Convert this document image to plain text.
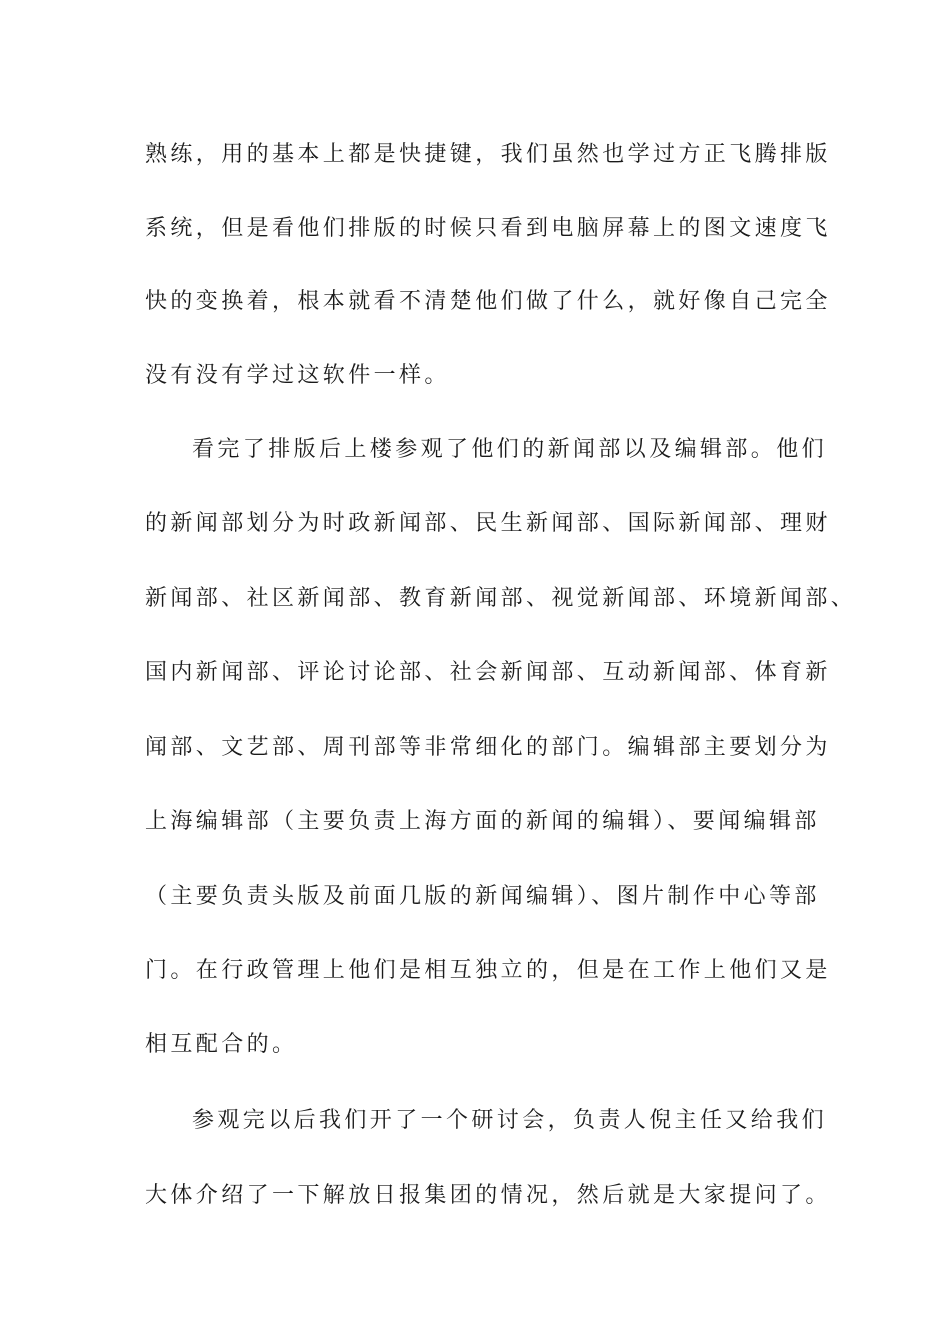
熟练，用的基本上都是快捷键，我们虽然也学过方正飞腾排版
系统，但是看他们排版的时候只看到电脑屏幕上的图文速度飞
快的变换着，根本就看不清楚他们做了什么，就好像自己完全
没有没有学过这软件一样。
看完了排版后上楼参观了他们的新闻部以及编辑部。他们
的新闻部划分为时政新闻部、民生新闻部、国际新闻部、理财
新闻部、社区新闻部、教育新闻部、视觉新闻部、环境新闻部、
国内新闻部、评论讨论部、社会新闻部、互动新闻部、体育新
闻部、文艺部、周刊部等非常细化的部门。编辑部主要划分为
上海编辑部（主要负责上海方面的新闻的编辑）、要闻编辑部
（主要负责头版及前面几版的新闻编辑）、图片制作中心等部
门。在行政管理上他们是相互独立的，但是在工作上他们又是
相互配合的。
参观完以后我们开了一个研讨会，负责人倪主任又给我们
大体介绍了一下解放日报集团的情况，然后就是大家提问了。
